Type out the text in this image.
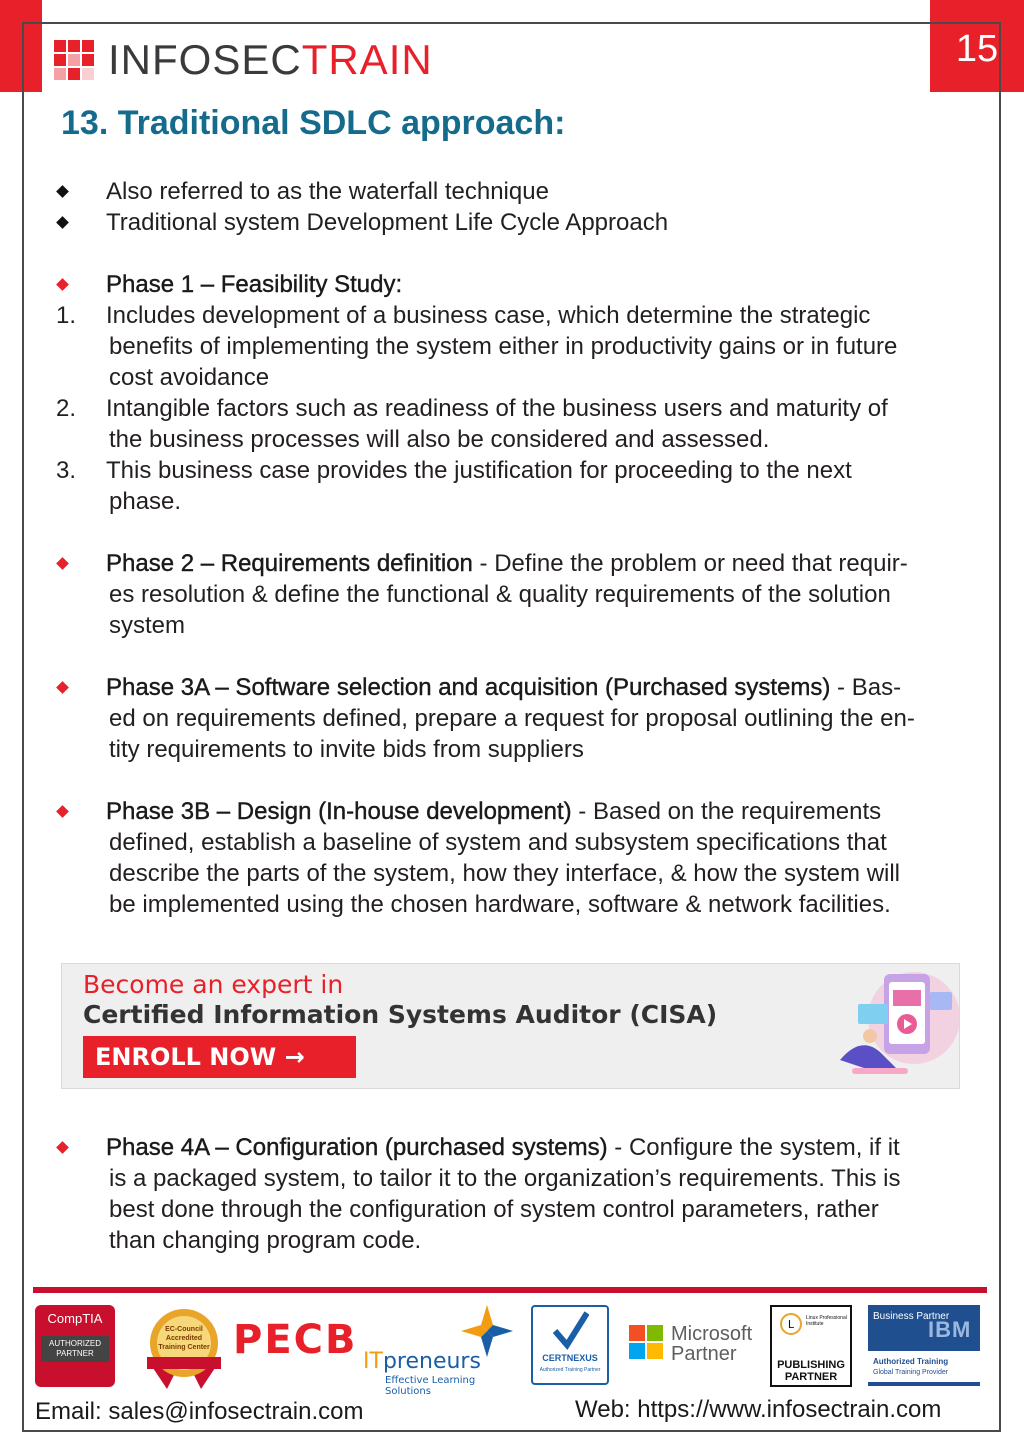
15
INFOSECTRAIN
13. Traditional SDLC approach:
Also referred to as the waterfall technique
Traditional system Development Life Cycle Approach
Phase 1 – Feasibility Study:
1. Includes development of a business case, which determine the strategic
benefits of implementing the system either in productivity gains or in future
cost avoidance
2. Intangible factors such as readiness of the business users and maturity of
the business processes will also be considered and assessed.
3. This business case provides the justification for proceeding to the next
phase.
Phase 2 – Requirements definition - Define the problem or need that requir-
es resolution & define the functional & quality requirements of the solution
system
Phase 3A – Software selection and acquisition (Purchased systems) - Bas-
ed on requirements defined, prepare a request for proposal outlining the en-
tity requirements to invite bids from suppliers
Phase 3B – Design (In-house development) - Based on the requirements
defined, establish a baseline of system and subsystem specifications that
describe the parts of the system, how they interface, & how the system will
be implemented using the chosen hardware, software & network facilities.
Become an expert in
Certified Information Systems Auditor (CISA)
ENROLL NOW →
Phase 4A – Configuration (purchased systems) - Configure the system, if it
is a packaged system, to tailor it to the organization’s requirements. This is
best done through the configuration of system control parameters, rather
than changing program code.
CompTIA
AUTHORIZED PARTNER
EC-Council Accredited Training Center PECB ITpreneurs
Effective Learning Solutions
CERTNEXUS
Authorized Training Partner
Microsoft
Partner
L Linux Professional Institute
PUBLISHING PARTNER
Business Partner
IBM
Authorized Training
Global Training Provider
Email: sales@infosectrain.com	Web: https://www.infosectrain.com
